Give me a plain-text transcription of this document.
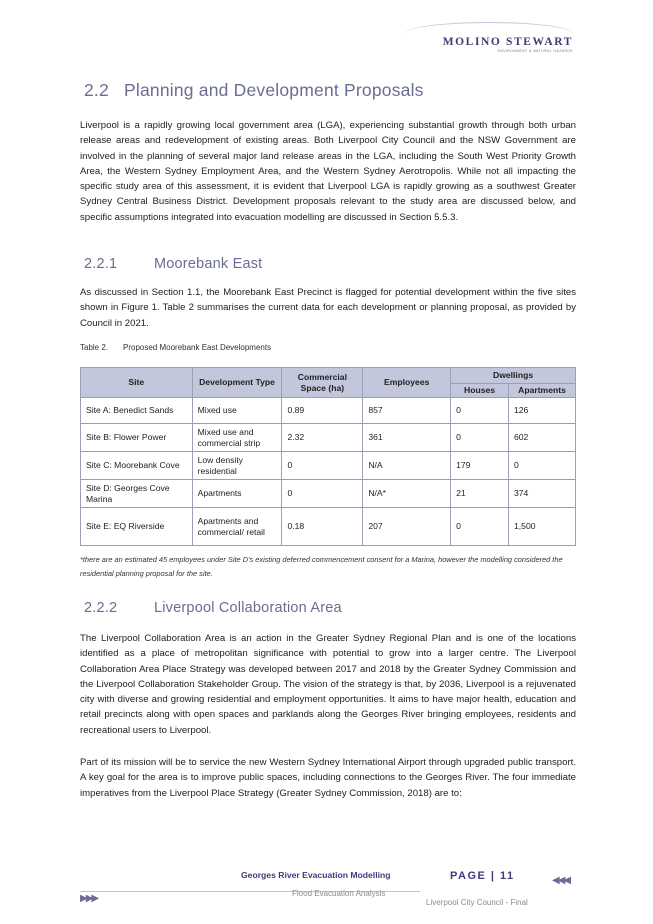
MOLINO STEWART
ENVIRONMENT & NATURAL HAZARDS
2.2 Planning and Development Proposals

Liverpool is a rapidly growing local government area (LGA), experiencing substantial growth through both urban release areas and redevelopment of existing areas. Both Liverpool City Council and the NSW Government are involved in the planning of several major land release areas in the LGA, including the South West Priority Growth Area, the Western Sydney Employment Area, and the Western Sydney Aerotropolis. While not all impacting the specific study area of this assessment, it is evident that Liverpool LGA is rapidly growing as a southwest Greater Sydney Central Business District. Development proposals relevant to the study area are discussed below, and specific assumptions integrated into evacuation modelling are discussed in Section 5.5.3.

2.2.1	Moorebank East

As discussed in Section 1.1, the Moorebank East Precinct is flagged for potential development within the five sites shown in Figure 1. Table 2 summarises the current data for each development or planning proposal, as provided by Council in 2021.

Table 2. Proposed Moorebank East Developments
Site	Development Type	Commercial Space (ha)	Employees	Dwellings	
				Houses	Apartments
Site A: Benedict Sands	Mixed use	0.89	857	0	126
Site B: Flower Power	Mixed use and commercial strip	2.32	361	0	602
Site C: Moorebank Cove	Low density residential	0	N/A	179	0
Site D: Georges Cove Marina	Apartments	0	N/A*	21	374
Site E: EQ Riverside	Apartments and commercial/ retail	0.18	207	0	1,500

*there are an estimated 45 employees under Site D’s existing deferred commencement consent for a Marina, however the modelling considered the residential planning proposal for the site.

2.2.2	Liverpool Collaboration Area

The Liverpool Collaboration Area is an action in the Greater Sydney Regional Plan and is one of the locations identified as a place of metropolitan significance with potential to grow into a larger centre. The Liverpool Collaboration Area Place Strategy was developed between 2017 and 2018 by the Greater Sydney Commission and the Liverpool Collaboration Stakeholder Group. The vision of the strategy is that, by 2036, Liverpool is a rejuvenated city with diverse and growing residential and employment opportunities. It aims to have major health, education and retail precincts along with open spaces and parklands along the Georges River bringing employees, residents and recreational users to Liverpool.

Part of its mission will be to service the new Western Sydney International Airport through upgraded public transport. A key goal for the area is to improve public spaces, including connections to the Georges River. The four immediate imperatives from the Liverpool Place Strategy (Greater Sydney Commission, 2018) are to:

Georges River Evacuation Modelling	PAGE | 11	◀◀◀
▶▶▶	Flood Evacuation Analysis
Liverpool City Council - Final
